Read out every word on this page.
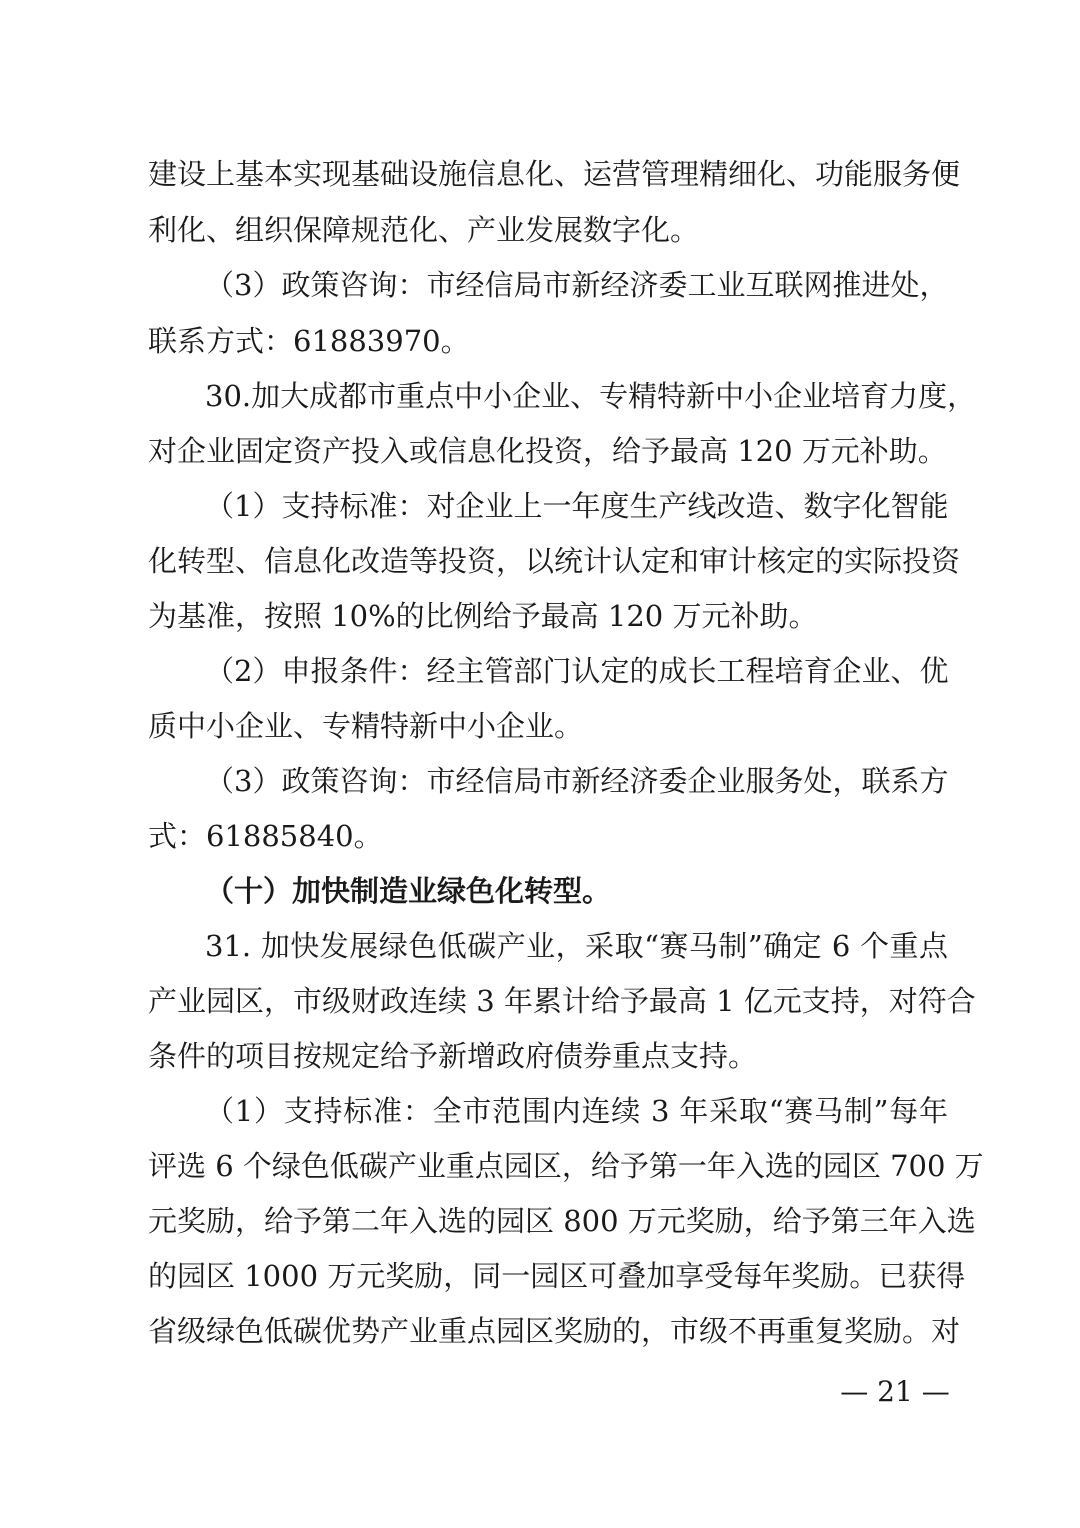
建设上基本实现基础设施信息化、运营管理精细化、功能服务便
利化、组织保障规范化、产业发展数字化。
（3）政策咨询：市经信局市新经济委工业互联网推进处，
联系方式：61883970。
30.加大成都市重点中小企业、专精特新中小企业培育力度，
对企业固定资产投入或信息化投资，给予最高 120 万元补助。
（1）支持标准：对企业上一年度生产线改造、数字化智能
化转型、信息化改造等投资，以统计认定和审计核定的实际投资
为基准，按照 10%的比例给予最高 120 万元补助。
（2）申报条件：经主管部门认定的成长工程培育企业、优
质中小企业、专精特新中小企业。
（3）政策咨询：市经信局市新经济委企业服务处，联系方
式：61885840。
（十）加快制造业绿色化转型。
31. 加快发展绿色低碳产业，采取“赛马制”确定 6 个重点
产业园区，市级财政连续 3 年累计给予最高 1 亿元支持，对符合
条件的项目按规定给予新增政府债券重点支持。
（1）支持标准：全市范围内连续 3 年采取“赛马制”每年
评选 6 个绿色低碳产业重点园区，给予第一年入选的园区 700 万
元奖励，给予第二年入选的园区 800 万元奖励，给予第三年入选
的园区 1000 万元奖励，同一园区可叠加享受每年奖励。已获得
省级绿色低碳优势产业重点园区奖励的，市级不再重复奖励。对
— 21 —
